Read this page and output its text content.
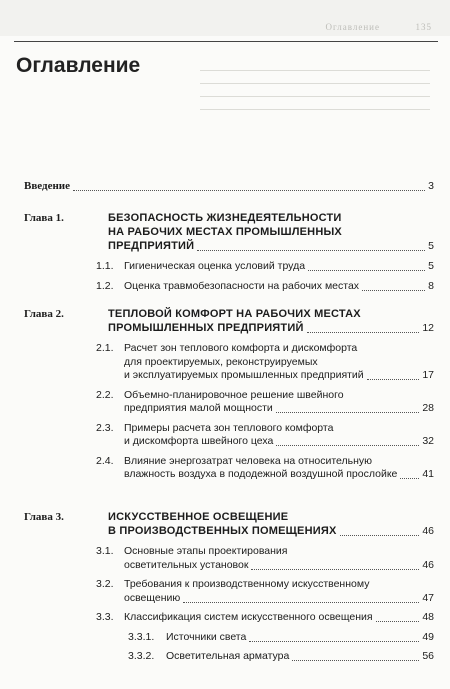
Оглавление	135
Оглавление
Введение	3
Глава 1.	БЕЗОПАСНОСТЬ ЖИЗНЕДЕЯТЕЛЬНОСТИ
НА РАБОЧИХ МЕСТАХ ПРОМЫШЛЕННЫХ
ПРЕДПРИЯТИЙ	5
1.1. Гигиеническая оценка условий труда	5
1.2. Оценка травмобезопасности на рабочих местах	8
Глава 2.	ТЕПЛОВОЙ КОМФОРТ НА РАБОЧИХ МЕСТАХ
ПРОМЫШЛЕННЫХ ПРЕДПРИЯТИЙ	12
2.1. Расчет зон теплового комфорта и дискомфорта
для проектируемых, реконструируемых
и эксплуатируемых промышленных предприятий	17
2.2. Объемно-планировочное решение швейного
предприятия малой мощности	28
2.3. Примеры расчета зон теплового комфорта
и дискомфорта швейного цеха	32
2.4. Влияние энергозатрат человека на относительную
влажность воздуха в пододежной воздушной прослойке 41
Глава 3.	ИСКУССТВЕННОЕ ОСВЕЩЕНИЕ
В ПРОИЗВОДСТВЕННЫХ ПОМЕЩЕНИЯХ	46
3.1. Основные этапы проектирования
осветительных установок	46
3.2. Требования к производственному искусственному
освещению	47
3.3. Классификация систем искусственного освещения	48
3.3.1. Источники света	49
3.3.2. Осветительная арматура	56
